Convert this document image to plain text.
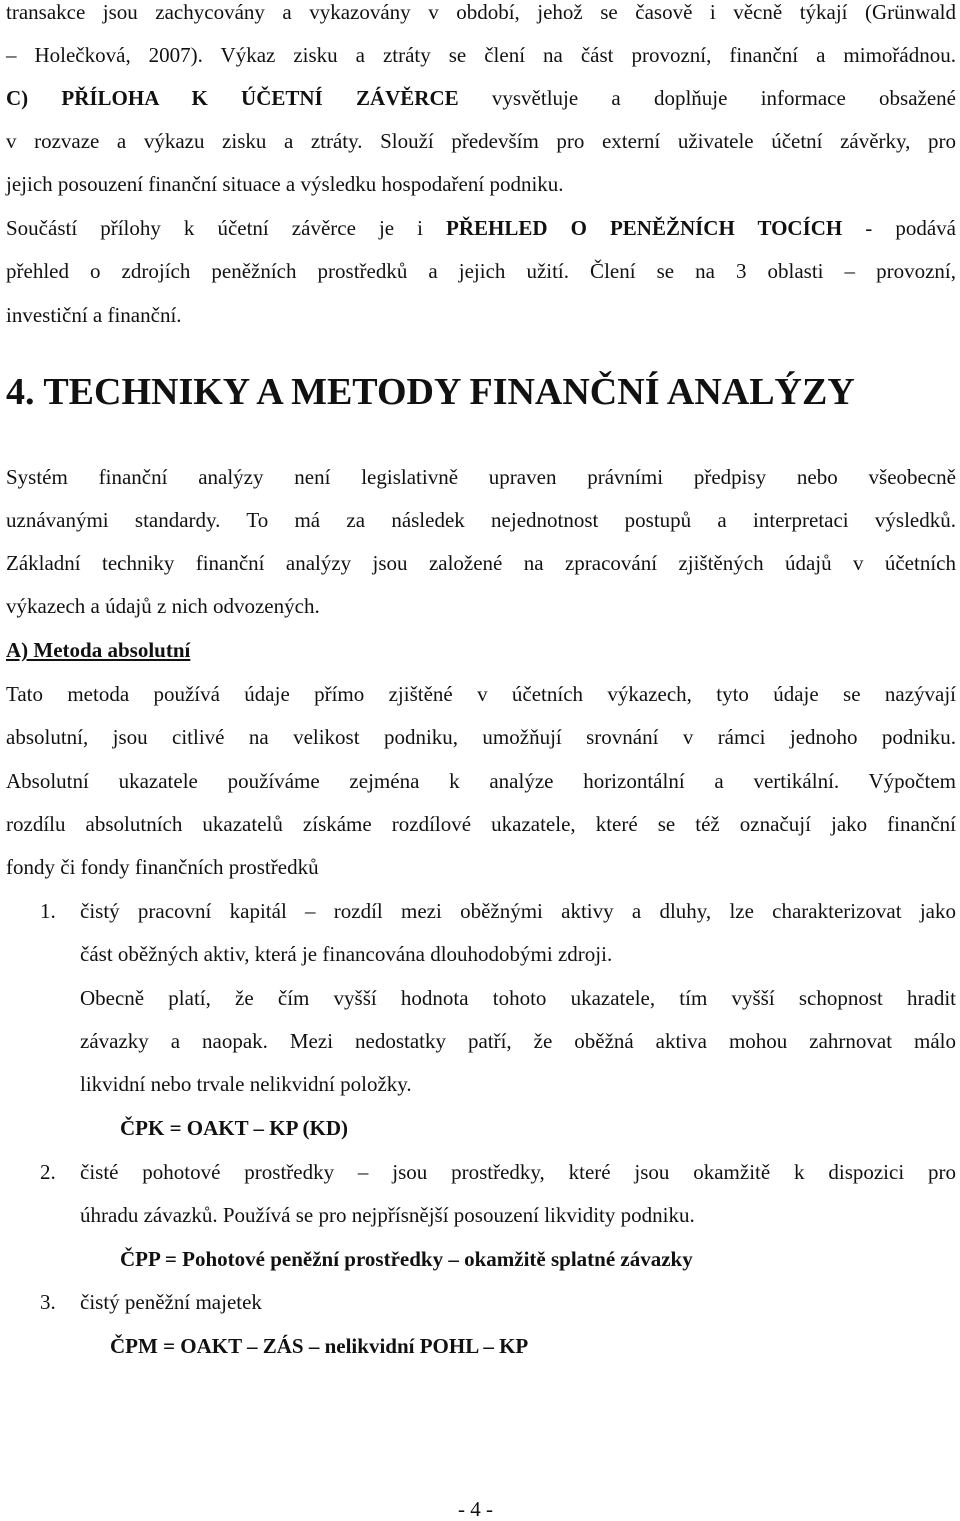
transakce jsou zachycovány a vykazovány v období, jehož se časově i věcně týkají (Grünwald
– Holečková, 2007). Výkaz zisku a ztráty se člení na část provozní, finanční a mimořádnou.
C) PŘÍLOHA K ÚČETNÍ ZÁVĚRCE vysvětluje a doplňuje informace obsažené
v rozvaze a výkazu zisku a ztráty. Slouží především pro externí uživatele účetní závěrky, pro
jejich posouzení finanční situace a výsledku hospodaření podniku.
Součástí přílohy k účetní závěrce je i PŘEHLED O PENĚŽNÍCH TOCÍCH - podává
přehled o zdrojích peněžních prostředků a jejich užití. Člení se na 3 oblasti – provozní,
investiční a finanční.
4. TECHNIKY A METODY FINANČNÍ ANALÝZY
Systém finanční analýzy není legislativně upraven právními předpisy nebo všeobecně
uznávanými standardy. To má za následek nejednotnost postupů a interpretaci výsledků.
Základní techniky finanční analýzy jsou založené na zpracování zjištěných údajů v účetních
výkazech a údajů z nich odvozených.
A) Metoda absolutní
Tato metoda používá údaje přímo zjištěné v účetních výkazech, tyto údaje se nazývají
absolutní, jsou citlivé na velikost podniku, umožňují srovnání v rámci jednoho podniku.
Absolutní ukazatele používáme zejména k analýze horizontální a vertikální. Výpočtem
rozdílu absolutních ukazatelů získáme rozdílové ukazatele, které se též označují jako finanční
fondy či fondy finančních prostředků
1. čistý pracovní kapitál – rozdíl mezi oběžnými aktivy a dluhy, lze charakterizovat jako
část oběžných aktiv, která je financována dlouhodobými zdroji.
Obecně platí, že čím vyšší hodnota tohoto ukazatele, tím vyšší schopnost hradit
závazky a naopak. Mezi nedostatky patří, že oběžná aktiva mohou zahrnovat málo
likvidní nebo trvale nelikvidní položky.
ČPK = OAKT – KP (KD)
2. čisté pohotové prostředky – jsou prostředky, které jsou okamžitě k dispozici pro
úhradu závazků. Používá se pro nejpřísnější posouzení likvidity podniku.
ČPP = Pohotové peněžní prostředky – okamžitě splatné závazky
3. čistý peněžní majetek
ČPM = OAKT – ZÁS – nelikvidní POHL – KP
- 4 -
